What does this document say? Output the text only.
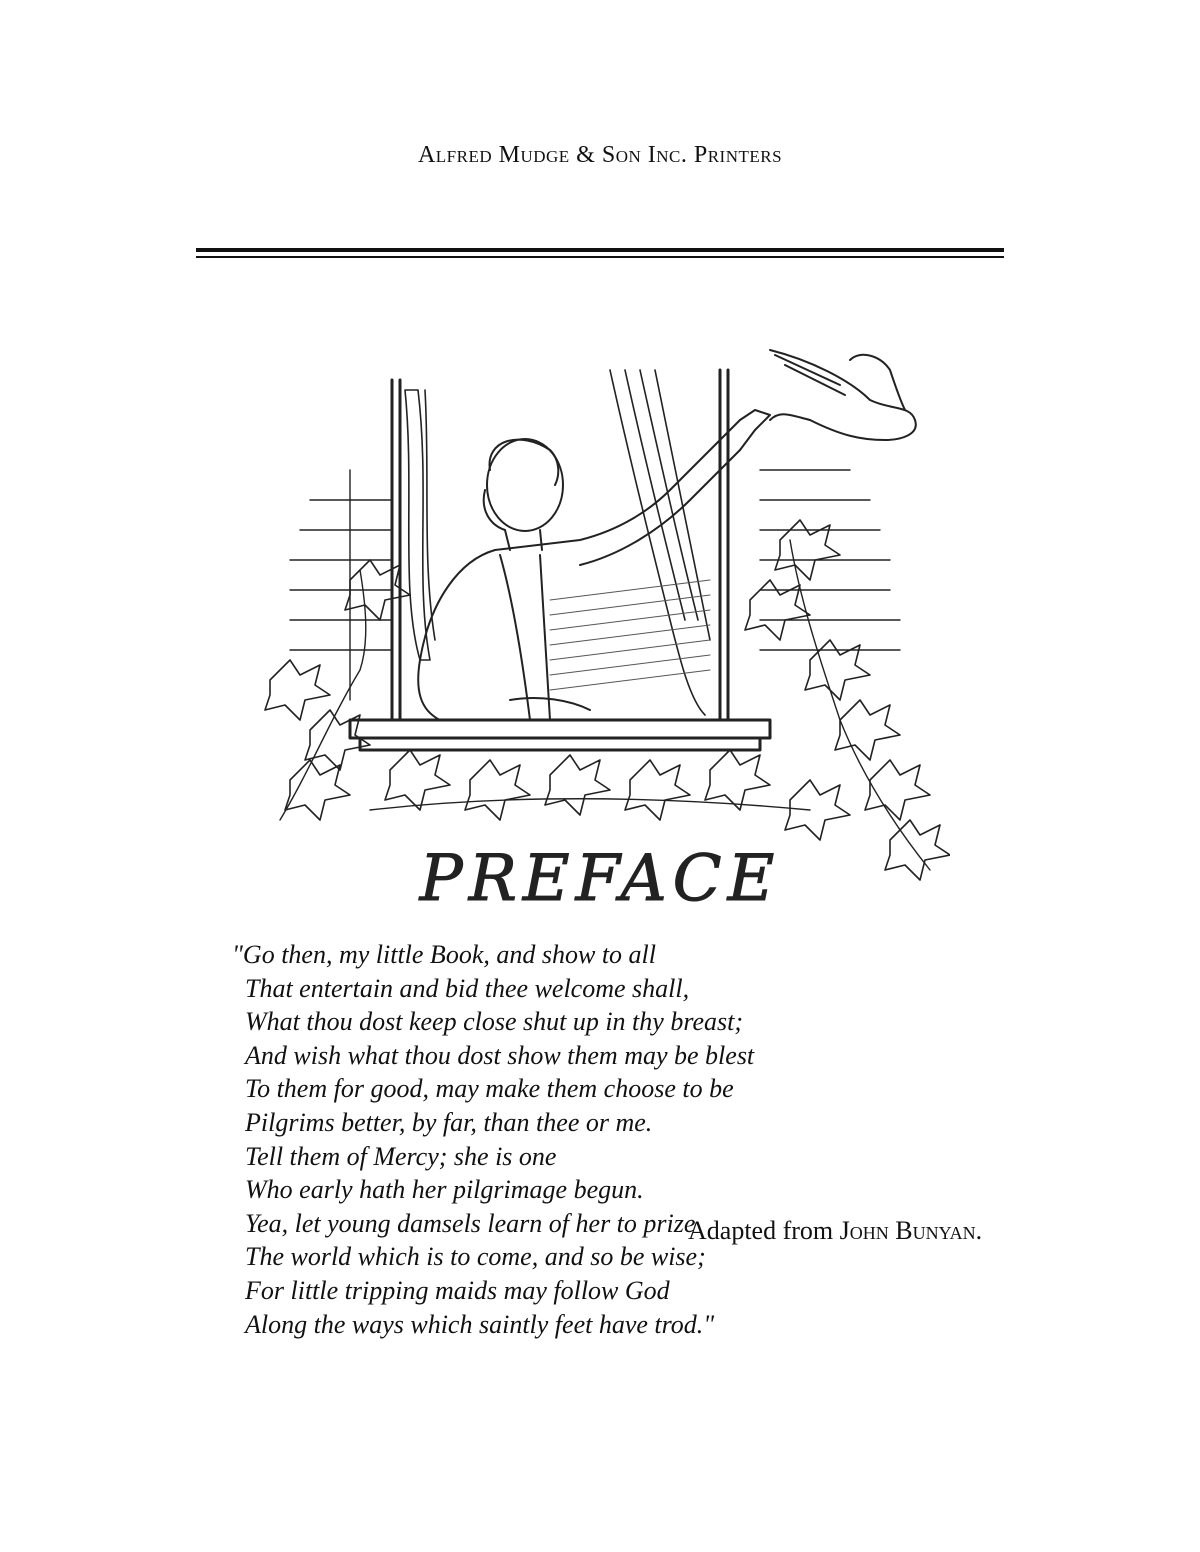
Alfred Mudge & Son Inc. Printers
PREFACE
"Go then, my little Book, and show to all
That entertain and bid thee welcome shall,
What thou dost keep close shut up in thy breast;
And wish what thou dost show them may be blest
To them for good, may make them choose to be
Pilgrims better, by far, than thee or me.
Tell them of Mercy; she is one
Who early hath her pilgrimage begun.
Yea, let young damsels learn of her to prize
The world which is to come, and so be wise;
For little tripping maids may follow God
Along the ways which saintly feet have trod."
Adapted from John Bunyan.
